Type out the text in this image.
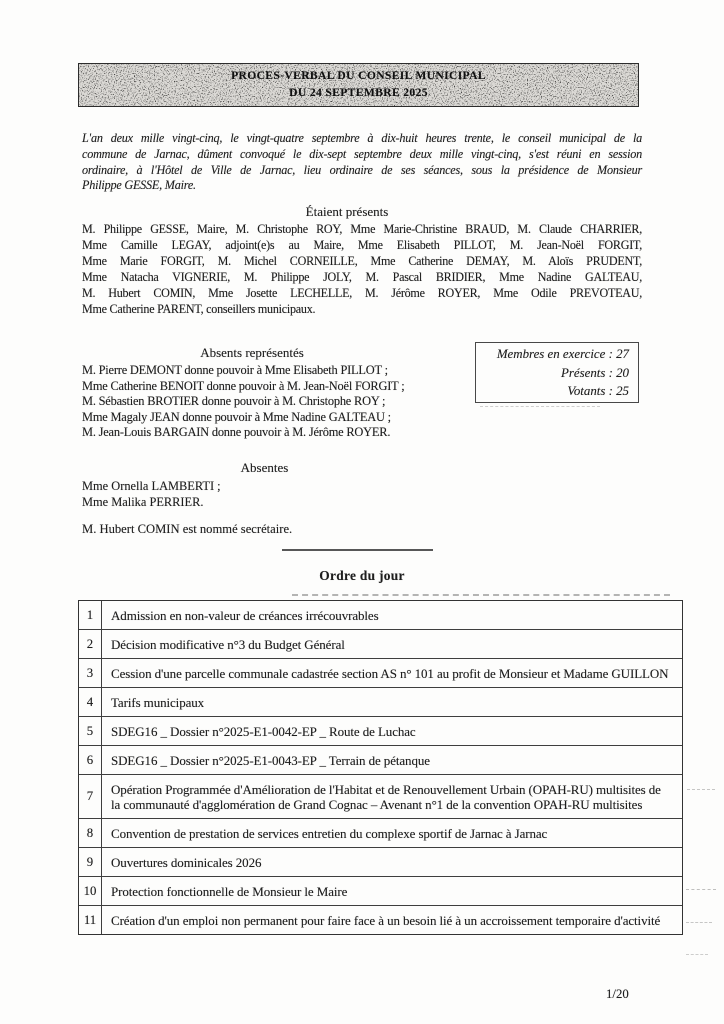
PROCES-VERBAL DU CONSEIL MUNICIPAL
DU 24 SEPTEMBRE 2025
L'an deux mille vingt-cinq, le vingt-quatre septembre à dix-huit heures trente, le conseil municipal de la
commune de Jarnac, dûment convoqué le dix-sept septembre deux mille vingt-cinq, s'est réuni en session
ordinaire, à l'Hôtel de Ville de Jarnac, lieu ordinaire de ses séances, sous la présidence de Monsieur
Philippe GESSE, Maire.
Étaient présents
M. Philippe GESSE, Maire, M. Christophe ROY, Mme Marie-Christine BRAUD, M. Claude CHARRIER,
Mme Camille LEGAY, adjoint(e)s au Maire, Mme Elisabeth PILLOT, M. Jean-Noël FORGIT,
Mme Marie FORGIT, M. Michel CORNEILLE, Mme Catherine DEMAY, M. Aloïs PRUDENT,
Mme Natacha VIGNERIE, M. Philippe JOLY, M. Pascal BRIDIER, Mme Nadine GALTEAU,
M. Hubert COMIN, Mme Josette LECHELLE, M. Jérôme ROYER, Mme Odile PREVOTEAU,
Mme Catherine PARENT, conseillers municipaux.
Absents représentés
M. Pierre DEMONT donne pouvoir à Mme Elisabeth PILLOT ;
Mme Catherine BENOIT donne pouvoir à M. Jean-Noël FORGIT ;
M. Sébastien BROTIER donne pouvoir à M. Christophe ROY ;
Mme Magaly JEAN donne pouvoir à Mme Nadine GALTEAU ;
M. Jean-Louis BARGAIN donne pouvoir à M. Jérôme ROYER.
Membres en exercice : 27
Présents : 20
Votants : 25
Absentes
Mme Ornella LAMBERTI ;
Mme Malika PERRIER.
M. Hubert COMIN est nommé secrétaire.
Ordre du jour
1	Admission en non-valeur de créances irrécouvrables
2	Décision modificative n°3 du Budget Général
3	Cession d'une parcelle communale cadastrée section AS n° 101 au profit de Monsieur et Madame GUILLON
4	Tarifs municipaux
5	SDEG16 _ Dossier n°2025-E1-0042-EP _ Route de Luchac
6	SDEG16 _ Dossier n°2025-E1-0043-EP _ Terrain de pétanque
7	Opération Programmée d'Amélioration de l'Habitat et de Renouvellement Urbain (OPAH-RU) multisites de la communauté d'agglomération de Grand Cognac – Avenant n°1 de la convention OPAH-RU multisites
8	Convention de prestation de services entretien du complexe sportif de Jarnac à Jarnac
9	Ouvertures dominicales 2026
10	Protection fonctionnelle de Monsieur le Maire
11	Création d'un emploi non permanent pour faire face à un besoin lié à un accroissement temporaire d'activité
1/20
